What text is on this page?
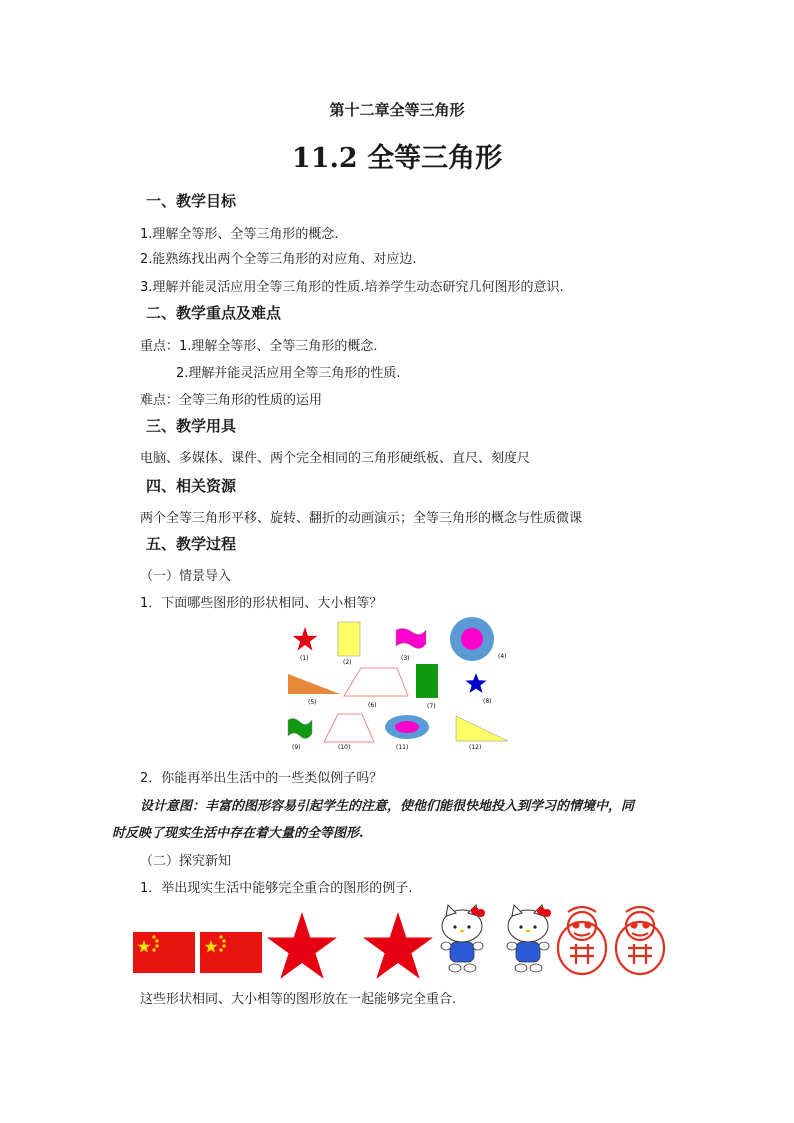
第十二章全等三角形
11.2 全等三角形
一、教学目标
1.理解全等形、全等三角形的概念.
2.能熟练找出两个全等三角形的对应角、对应边.
3.理解并能灵活应用全等三角形的性质.培养学生动态研究几何图形的意识.
二、教学重点及难点
重点：1.理解全等形、全等三角形的概念.
2.理解并能灵活应用全等三角形的性质.
难点：全等三角形的性质的运用
三、教学用具
电脑、多媒体、课件、两个完全相同的三角形硬纸板、直尺、刻度尺
四、相关资源
两个全等三角形平移、旋转、翻折的动画演示；全等三角形的概念与性质微课
五、教学过程
（一）情景导入
1．下面哪些图形的形状相同、大小相等？
(1)
(2)
(3)	(4)
(5)	(6)	(7)
(8)
(9)	(10)	(11)	(12)
2．你能再举出生活中的一些类似例子吗？
设计意图：丰富的图形容易引起学生的注意，使他们能很快地投入到学习的情境中，同
时反映了现实生活中存在着大量的全等图形.
（二）探究新知
1．举出现实生活中能够完全重合的图形的例子.
这些形状相同、大小相等的图形放在一起能够完全重合.
